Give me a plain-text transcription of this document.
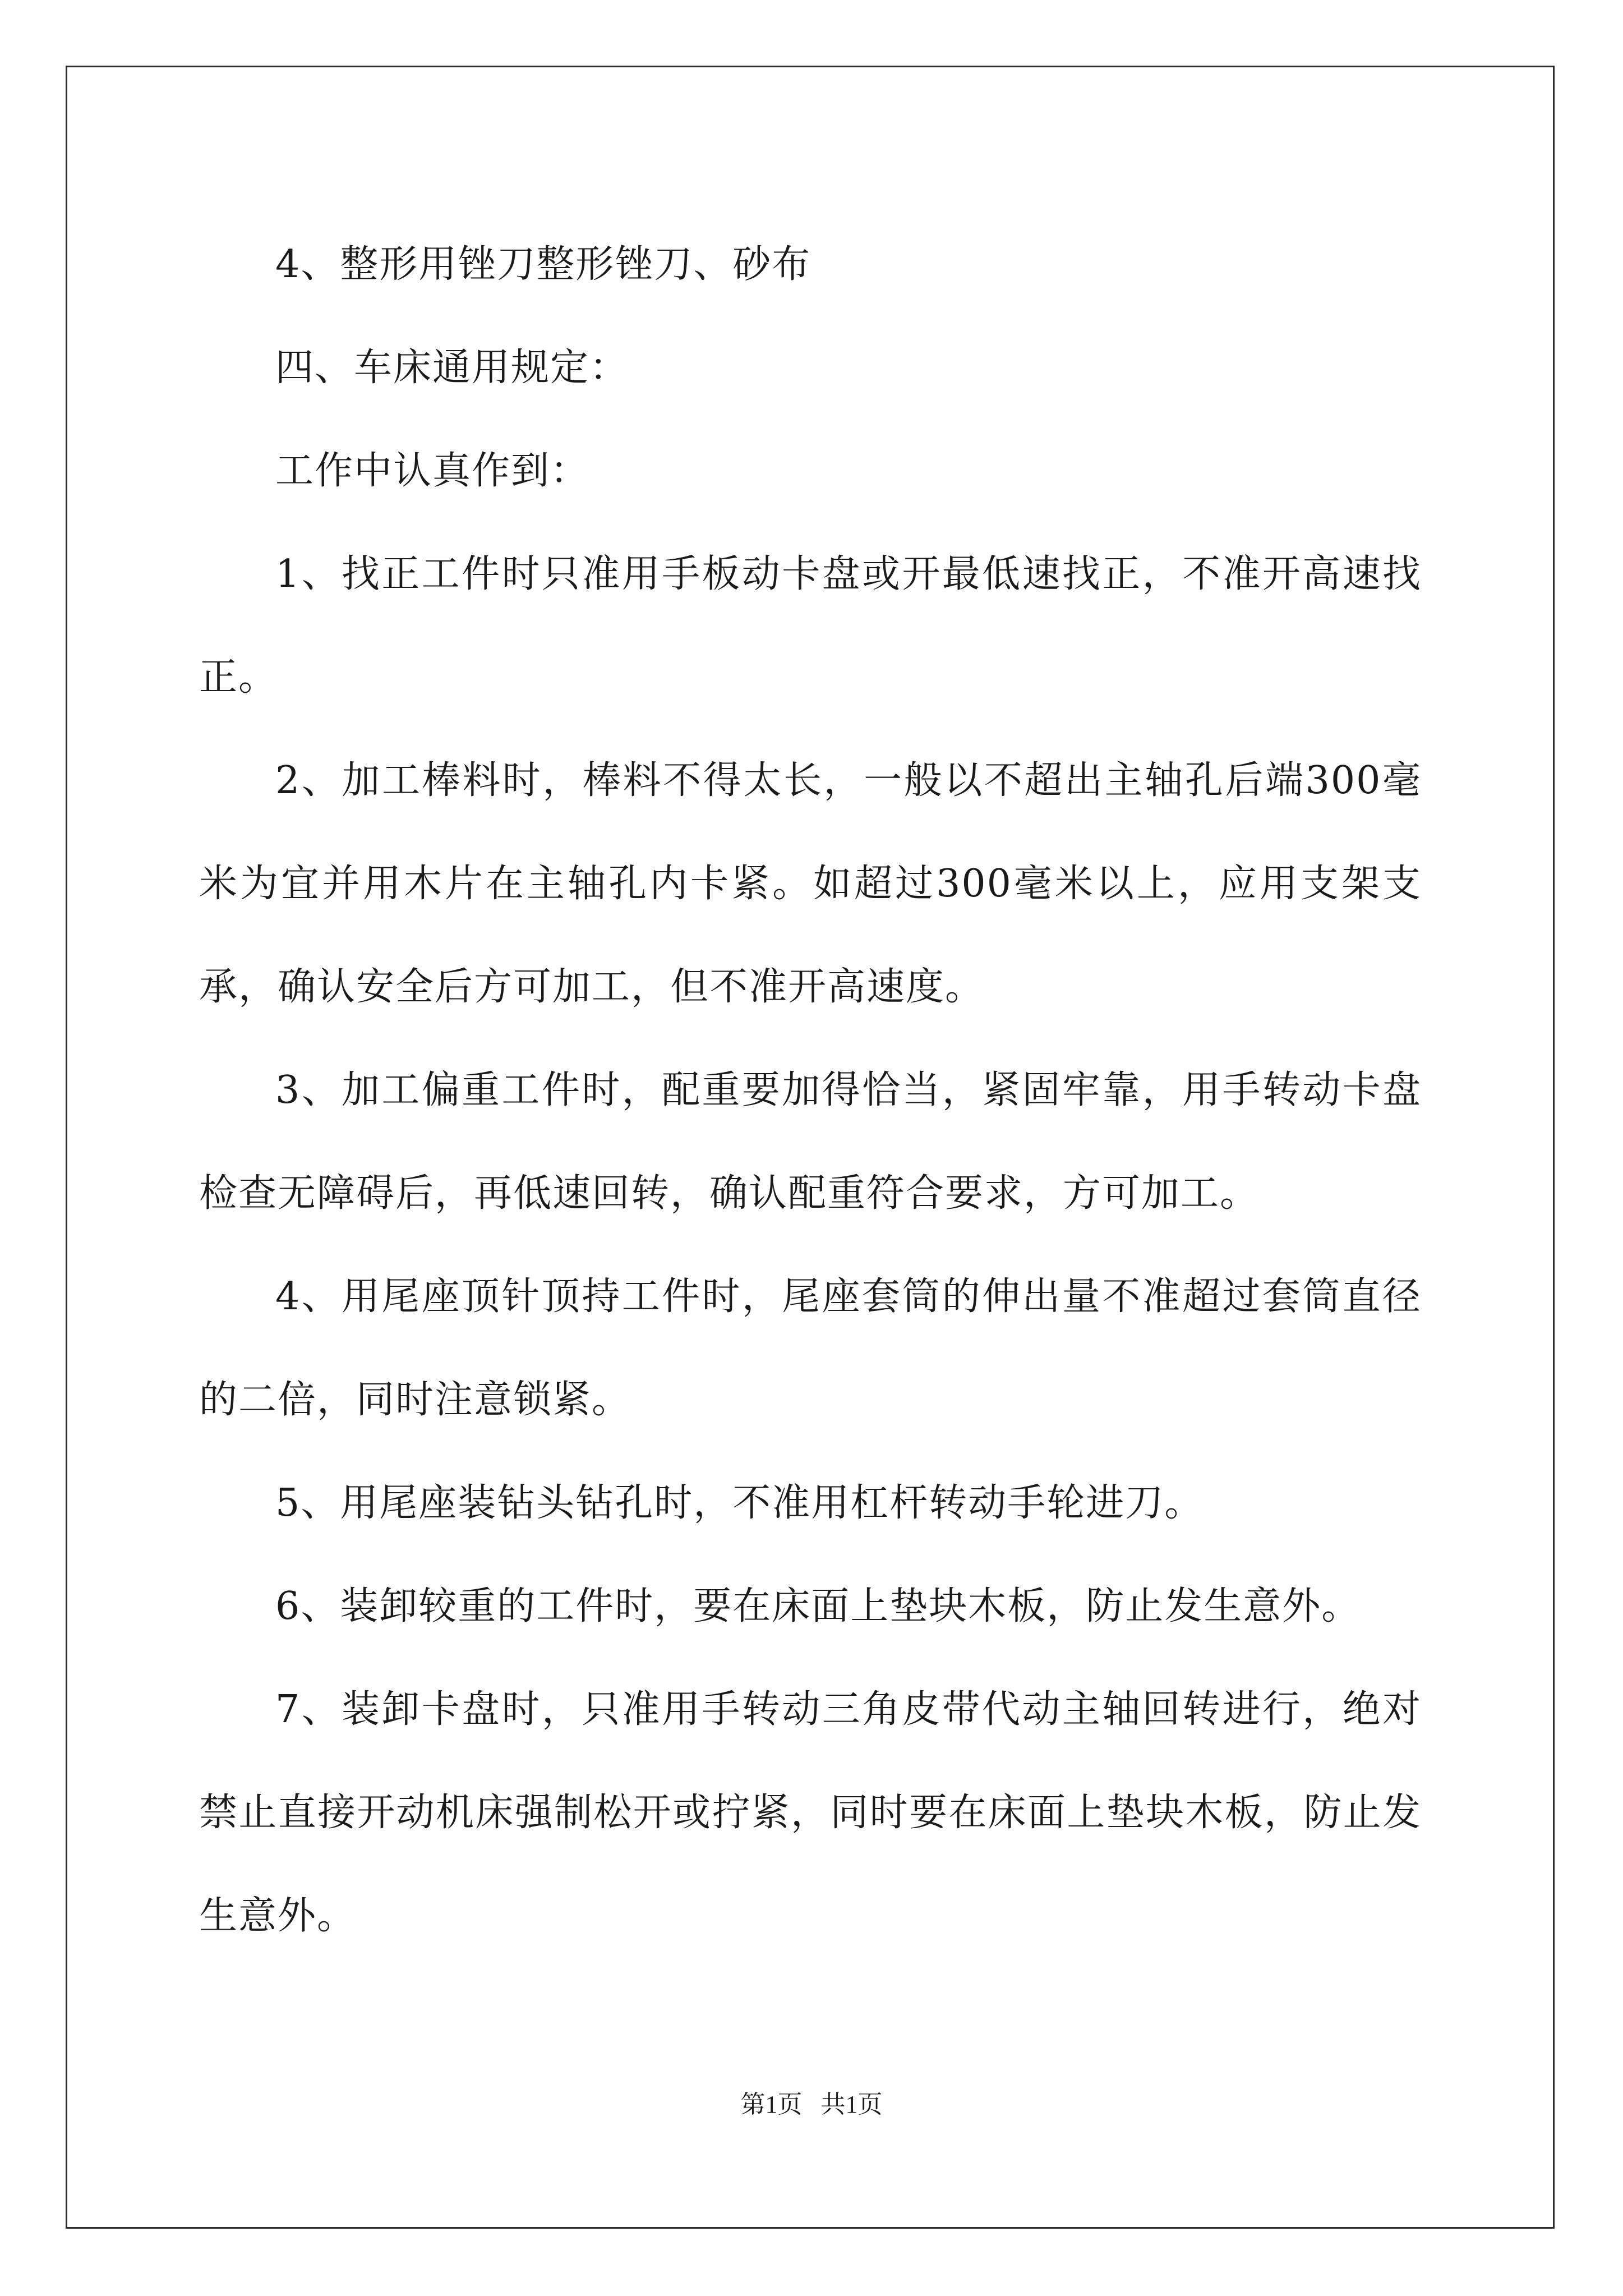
4、整形用锉刀整形锉刀、砂布

四、车床通用规定：

工作中认真作到：

1、找正工件时只准用手板动卡盘或开最低速找正，不准开高速找正。

2、加工棒料时，棒料不得太长，一般以不超出主轴孔后端300毫米为宜并用木片在主轴孔内卡紧。如超过300毫米以上，应用支架支承，确认安全后方可加工，但不准开高速度。

3、加工偏重工件时，配重要加得恰当，紧固牢靠，用手转动卡盘检查无障碍后，再低速回转，确认配重符合要求，方可加工。

4、用尾座顶针顶持工件时，尾座套筒的伸出量不准超过套筒直径的二倍，同时注意锁紧。

5、用尾座装钻头钻孔时，不准用杠杆转动手轮进刀。

6、装卸较重的工件时，要在床面上垫块木板，防止发生意外。

7、装卸卡盘时，只准用手转动三角皮带代动主轴回转进行，绝对禁止直接开动机床强制松开或拧紧，同时要在床面上垫块木板，防止发生意外。

第1页   共1页
